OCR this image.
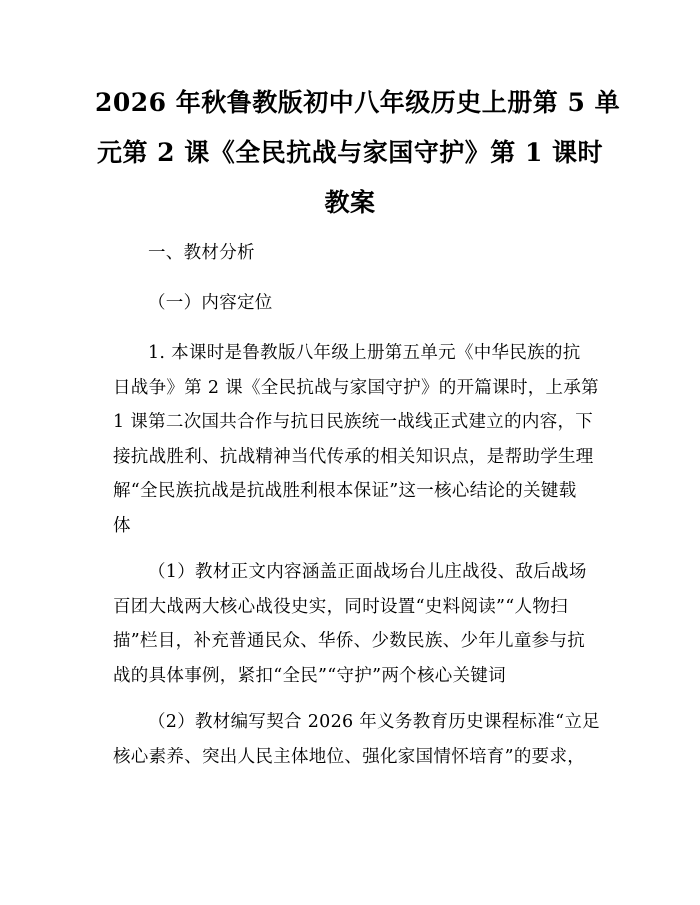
2026 年秋鲁教版初中八年级历史上册第 5 单
元第 2 课《全民抗战与家国守护》第 1 课时
教案

一、教材分析

（一）内容定位

1. 本课时是鲁教版八年级上册第五单元《中华民族的抗
日战争》第 2 课《全民抗战与家国守护》的开篇课时，上承第
1 课第二次国共合作与抗日民族统一战线正式建立的内容，下
接抗战胜利、抗战精神当代传承的相关知识点，是帮助学生理
解“全民族抗战是抗战胜利根本保证”这一核心结论的关键载
体

（1）教材正文内容涵盖正面战场台儿庄战役、敌后战场
百团大战两大核心战役史实，同时设置“史料阅读”“人物扫
描”栏目，补充普通民众、华侨、少数民族、少年儿童参与抗
战的具体事例，紧扣“全民”“守护”两个核心关键词

（2）教材编写契合 2026 年义务教育历史课程标准“立足
核心素养、突出人民主体地位、强化家国情怀培育”的要求，
